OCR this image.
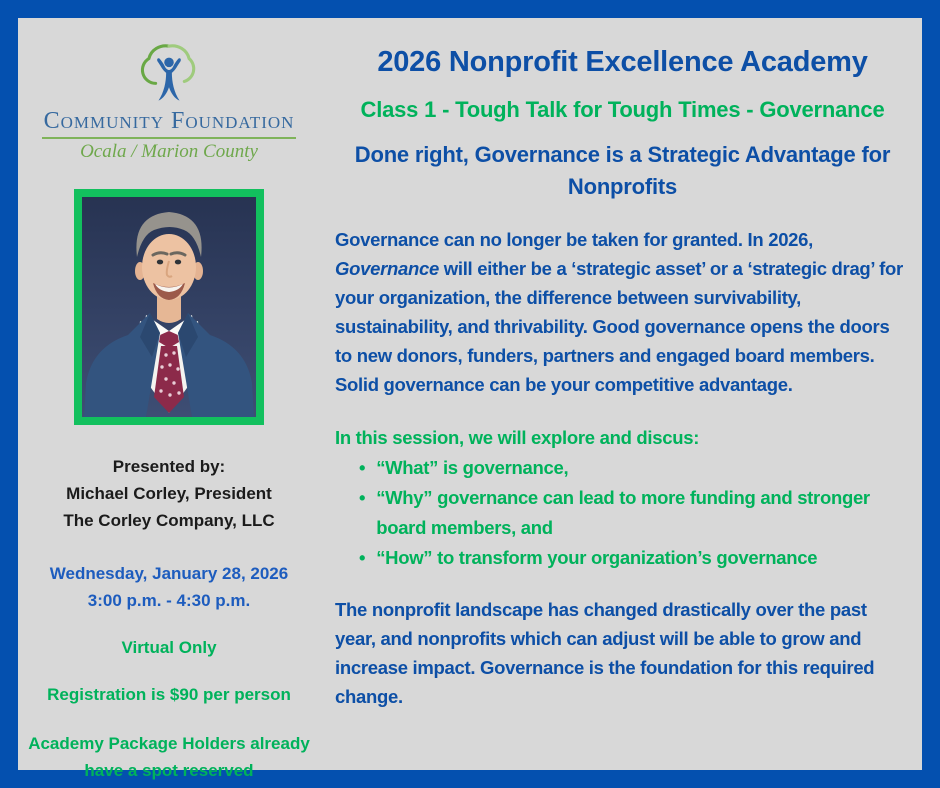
Community Foundation
Ocala / Marion County
Presented by:
Michael Corley, President
The Corley Company, LLC
Wednesday, January 28, 2026
3:00 p.m. - 4:30 p.m.
Virtual Only
Registration is $90 per person
Academy Package Holders already have a spot reserved
2026 Nonprofit Excellence Academy
Class 1 - Tough Talk for Tough Times - Governance
Done right, Governance is a Strategic Advantage for Nonprofits

Governance can no longer be taken for granted. In 2026, Governance will either be a ‘strategic asset’ or a ‘strategic drag’ for your organization, the difference between survivability, sustainability, and thrivability. Good governance opens the doors to new donors, funders, partners and engaged board members. Solid governance can be your competitive advantage.

In this session, we will explore and discus:
• “What” is governance,
• “Why” governance can lead to more funding and stronger board members, and
• “How” to transform your organization’s governance

The nonprofit landscape has changed drastically over the past year, and nonprofits which can adjust will be able to grow and increase impact. Governance is the foundation for this required change.
